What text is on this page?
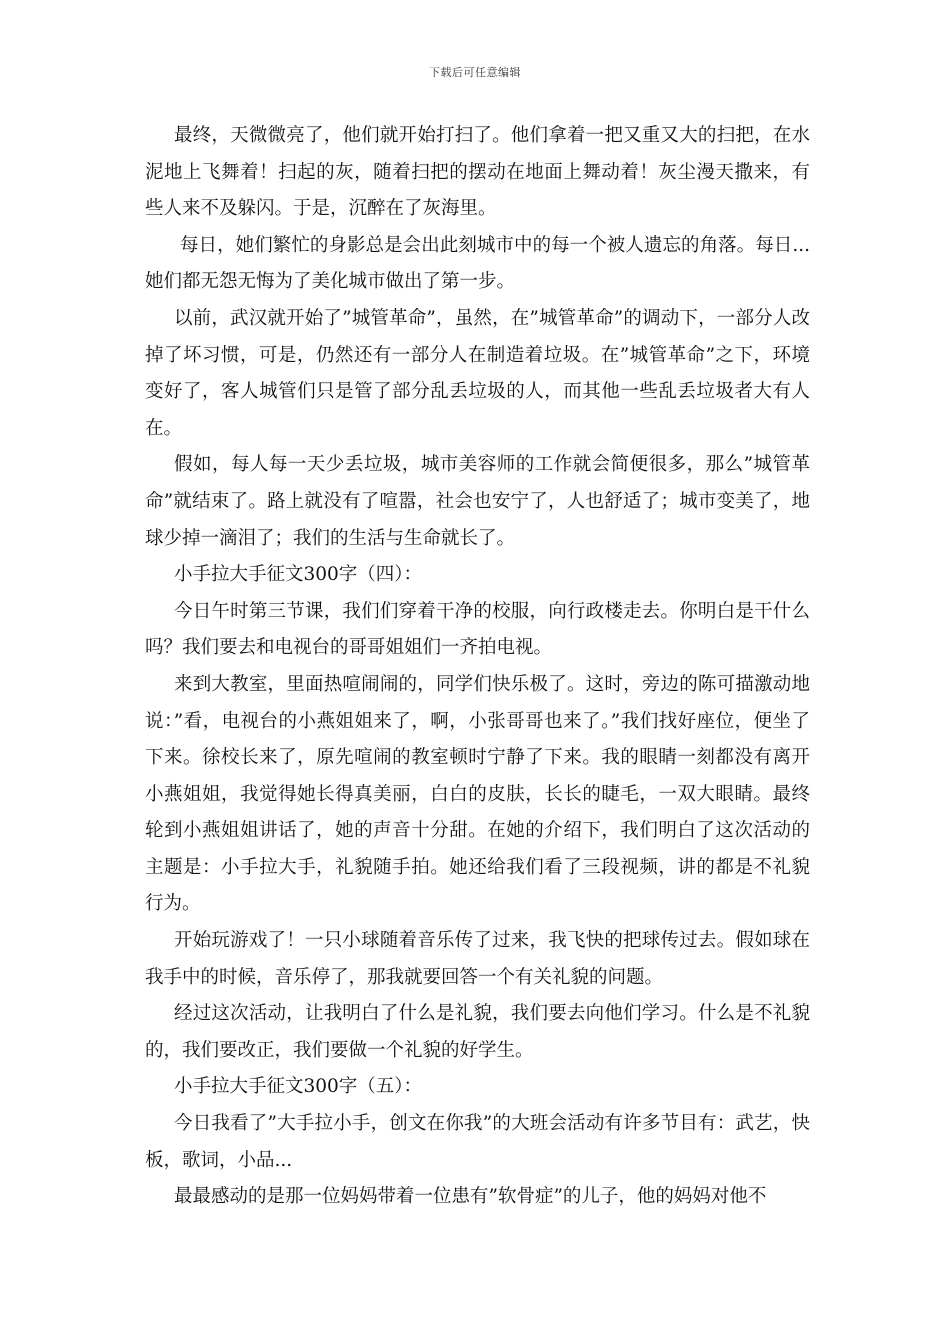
下载后可任意编辑

最终，天微微亮了，他们就开始打扫了。他们拿着一把又重又大的扫把，在水泥地上飞舞着！扫起的灰，随着扫把的摆动在地面上舞动着！灰尘漫天撒来，有些人来不及躲闪。于是，沉醉在了灰海里。

每日，她们繁忙的身影总是会出此刻城市中的每一个被人遗忘的角落。每日...她们都无怨无悔为了美化城市做出了第一步。

以前，武汉就开始了”城管革命”，虽然，在”城管革命”的调动下，一部分人改掉了坏习惯，可是，仍然还有一部分人在制造着垃圾。在”城管革命”之下，环境变好了，客人城管们只是管了部分乱丢垃圾的人，而其他一些乱丢垃圾者大有人在。

假如，每人每一天少丢垃圾，城市美容师的工作就会简便很多，那么”城管革命”就结束了。路上就没有了喧嚣，社会也安宁了，人也舒适了；城市变美了，地球少掉一滴泪了；我们的生活与生命就长了。

小手拉大手征文300字（四）：

今日午时第三节课，我们们穿着干净的校服，向行政楼走去。你明白是干什么吗？我们要去和电视台的哥哥姐姐们一齐拍电视。

来到大教室，里面热喧闹闹的，同学们快乐极了。这时，旁边的陈可描激动地说：”看，电视台的小燕姐姐来了，啊，小张哥哥也来了。”我们找好座位，便坐了下来。徐校长来了，原先喧闹的教室顿时宁静了下来。我的眼睛一刻都没有离开小燕姐姐，我觉得她长得真美丽，白白的皮肤，长长的睫毛，一双大眼睛。最终轮到小燕姐姐讲话了，她的声音十分甜。在她的介绍下，我们明白了这次活动的主题是：小手拉大手，礼貌随手拍。她还给我们看了三段视频，讲的都是不礼貌行为。

开始玩游戏了！一只小球随着音乐传了过来，我飞快的把球传过去。假如球在我手中的时候，音乐停了，那我就要回答一个有关礼貌的问题。

经过这次活动，让我明白了什么是礼貌，我们要去向他们学习。什么是不礼貌的，我们要改正，我们要做一个礼貌的好学生。

小手拉大手征文300字（五）：

今日我看了”大手拉小手，创文在你我”的大班会活动有许多节目有：武艺，快板，歌词，小品...

最最感动的是那一位妈妈带着一位患有”软骨症”的儿子，他的妈妈对他不
